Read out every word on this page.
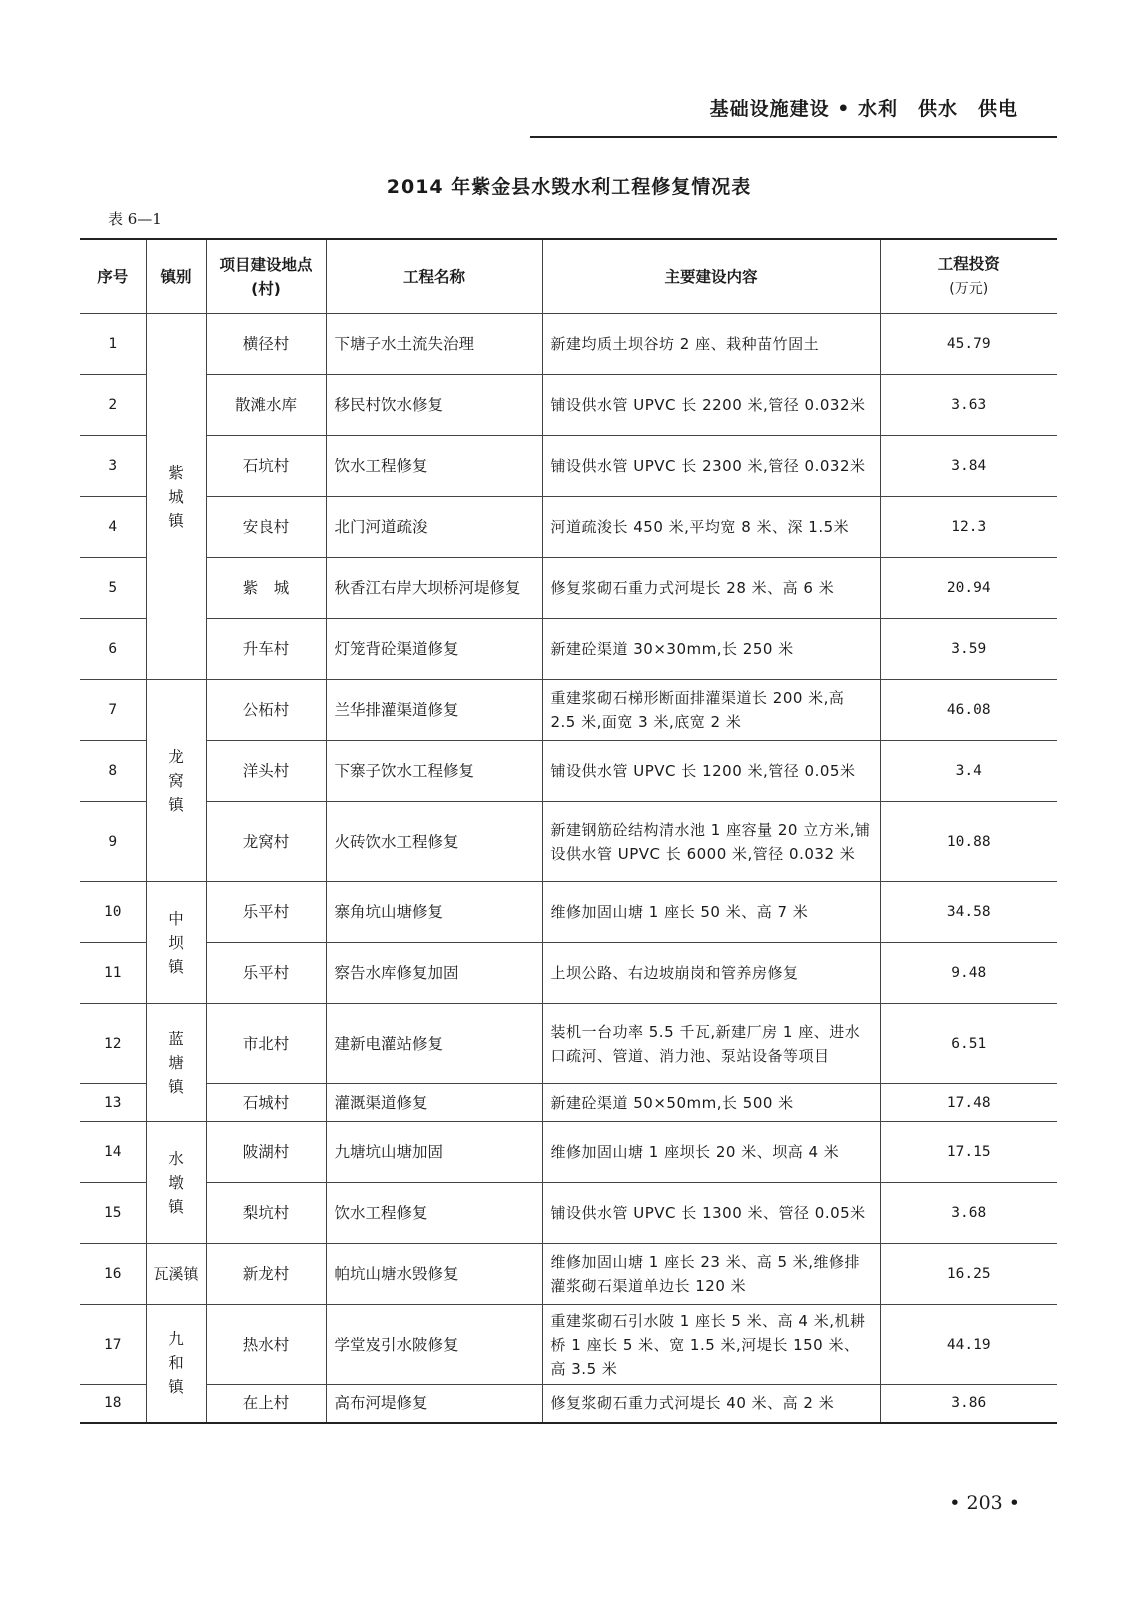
基础设施建设 • 水利　供水　供电
2014 年紫金县水毁水利工程修复情况表
表 6—1
序号	镇别	项目建设地点(村)	工程名称	主要建设内容	工程投资
(万元)
1	紫城镇	横径村	下塘子水土流失治理	新建均质土坝谷坊 2 座、栽种苗竹固土	45.79
2		散滩水库	移民村饮水修复	铺设供水管 UPVC 长 2200 米,管径 0.032米	3.63
3		石坑村	饮水工程修复	铺设供水管 UPVC 长 2300 米,管径 0.032米	3.84
4		安良村	北门河道疏浚	河道疏浚长 450 米,平均宽 8 米、深 1.5米	12.3
5		紫　城	秋香江右岸大坝桥河堤修复	修复浆砌石重力式河堤长 28 米、高 6 米	20.94
6		升车村	灯笼背砼渠道修复	新建砼渠道 30×30mm,长 250 米	3.59
7	龙窝镇	公柘村	兰华排灌渠道修复	重建浆砌石梯形断面排灌渠道长 200 米,高 2.5 米,面宽 3 米,底宽 2 米	46.08
8		洋头村	下寨子饮水工程修复	铺设供水管 UPVC 长 1200 米,管径 0.05米	3.4
9		龙窝村	火砖饮水工程修复	新建钢筋砼结构清水池 1 座容量 20 立方米,铺设供水管 UPVC 长 6000 米,管径 0.032 米	10.88
10	中坝镇	乐平村	寨角坑山塘修复	维修加固山塘 1 座长 50 米、高 7 米	34.58
11		乐平村	察告水库修复加固	上坝公路、右边坡崩岗和管养房修复	9.48
12	蓝塘镇	市北村	建新电灌站修复	装机一台功率 5.5 千瓦,新建厂房 1 座、进水口疏河、管道、消力池、泵站设备等项目	6.51
13		石城村	灌溉渠道修复	新建砼渠道 50×50mm,长 500 米	17.48
14	水墩镇	陂湖村	九塘坑山塘加固	维修加固山塘 1 座坝长 20 米、坝高 4 米	17.15
15		梨坑村	饮水工程修复	铺设供水管 UPVC 长 1300 米、管径 0.05米	3.68
16	瓦溪镇	新龙村	帕坑山塘水毁修复	维修加固山塘 1 座长 23 米、高 5 米,维修排灌浆砌石渠道单边长 120 米	16.25
17	九和镇	热水村	学堂岌引水陂修复	重建浆砌石引水陂 1 座长 5 米、高 4 米,机耕桥 1 座长 5 米、宽 1.5 米,河堤长 150 米、高 3.5 米	44.19
18		在上村	高布河堤修复	修复浆砌石重力式河堤长 40 米、高 2 米	3.86
• 203 •
